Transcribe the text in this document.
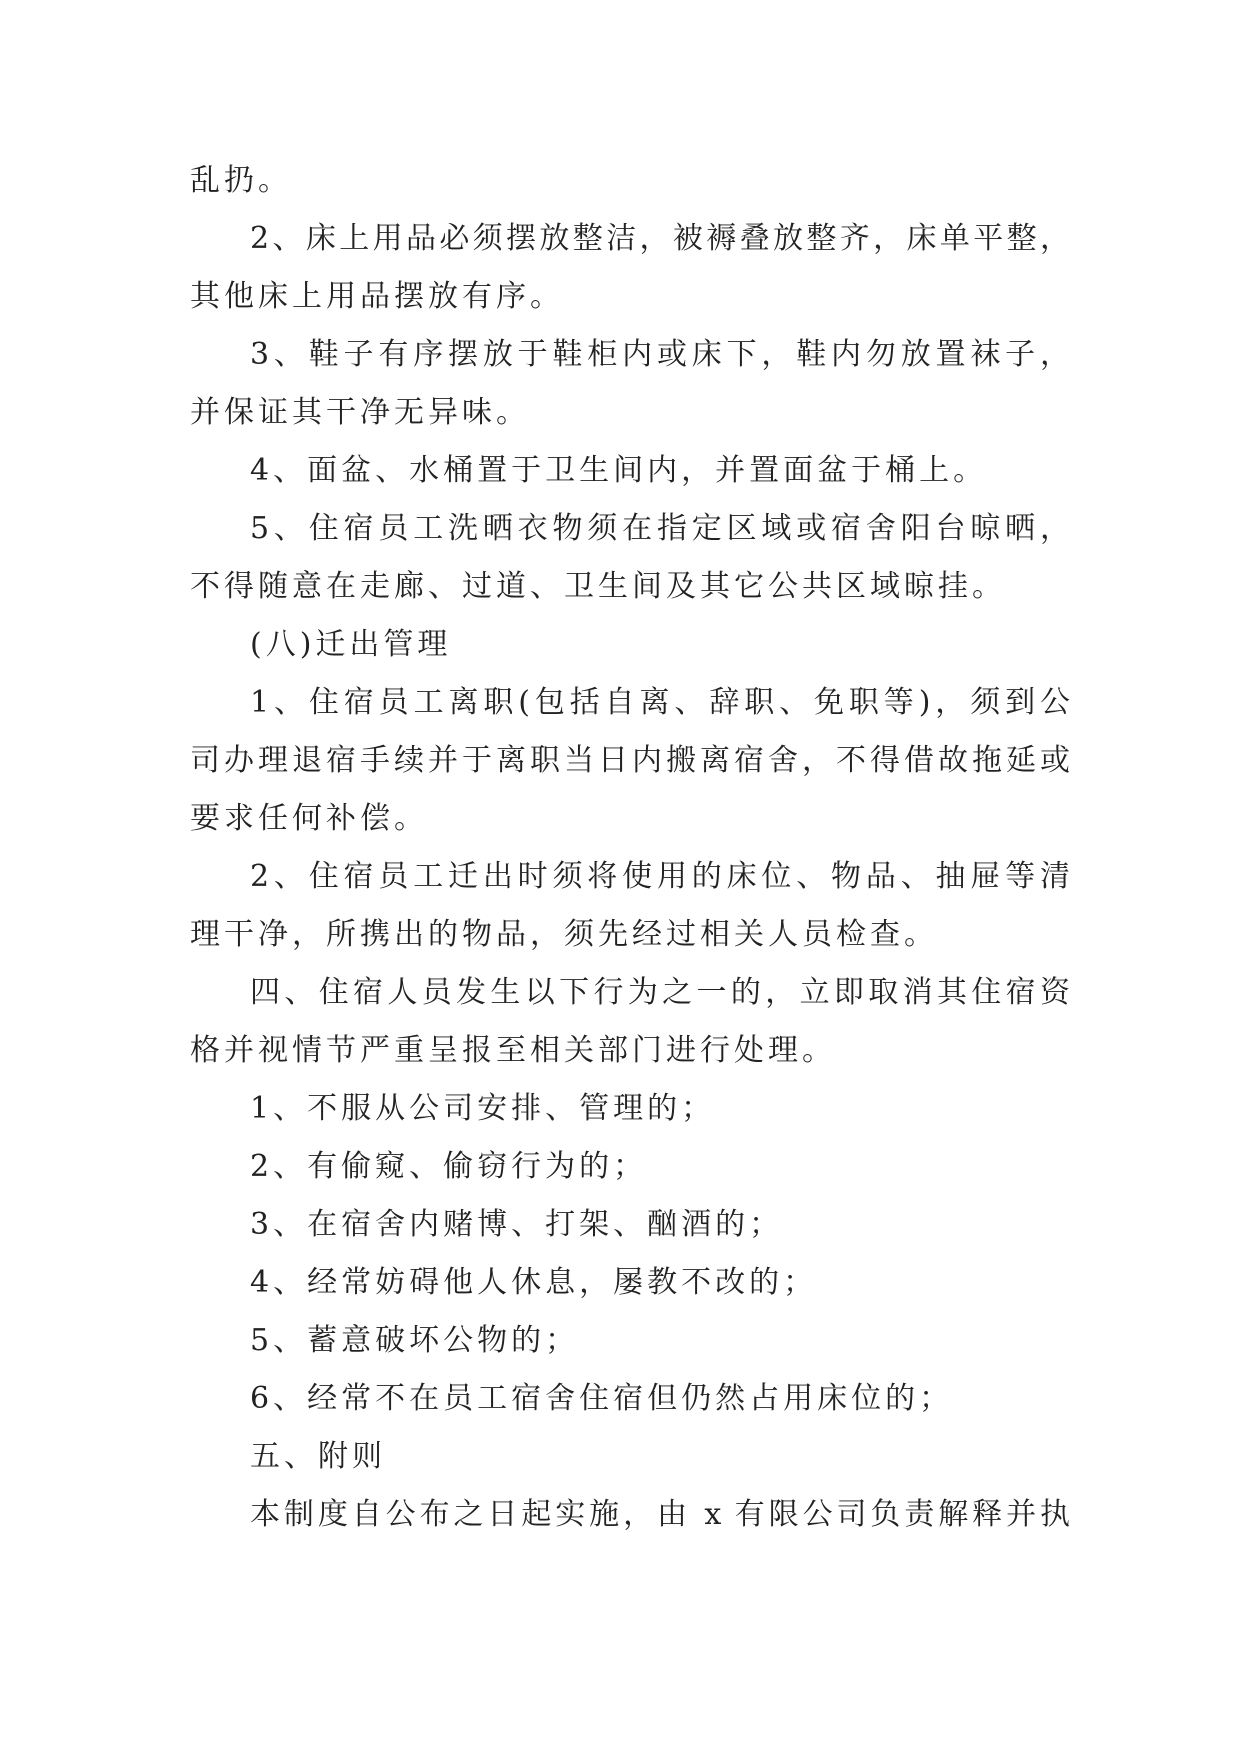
乱扔。
2、床上用品必须摆放整洁，被褥叠放整齐，床单平整，
其他床上用品摆放有序。
3、鞋子有序摆放于鞋柜内或床下，鞋内勿放置袜子，
并保证其干净无异味。
4、面盆、水桶置于卫生间内，并置面盆于桶上。
5、住宿员工洗晒衣物须在指定区域或宿舍阳台晾晒，
不得随意在走廊、过道、卫生间及其它公共区域晾挂。
(八)迁出管理
1、住宿员工离职(包括自离、辞职、免职等)，须到公
司办理退宿手续并于离职当日内搬离宿舍，不得借故拖延或
要求任何补偿。
2、住宿员工迁出时须将使用的床位、物品、抽屉等清
理干净，所携出的物品，须先经过相关人员检查。
四、住宿人员发生以下行为之一的，立即取消其住宿资
格并视情节严重呈报至相关部门进行处理。
1、不服从公司安排、管理的；
2、有偷窥、偷窃行为的；
3、在宿舍内赌博、打架、酗酒的；
4、经常妨碍他人休息，屡教不改的；
5、蓄意破坏公物的；
6、经常不在员工宿舍住宿但仍然占用床位的；
五、附则
本制度自公布之日起实施，由 x 有限公司负责解释并执
